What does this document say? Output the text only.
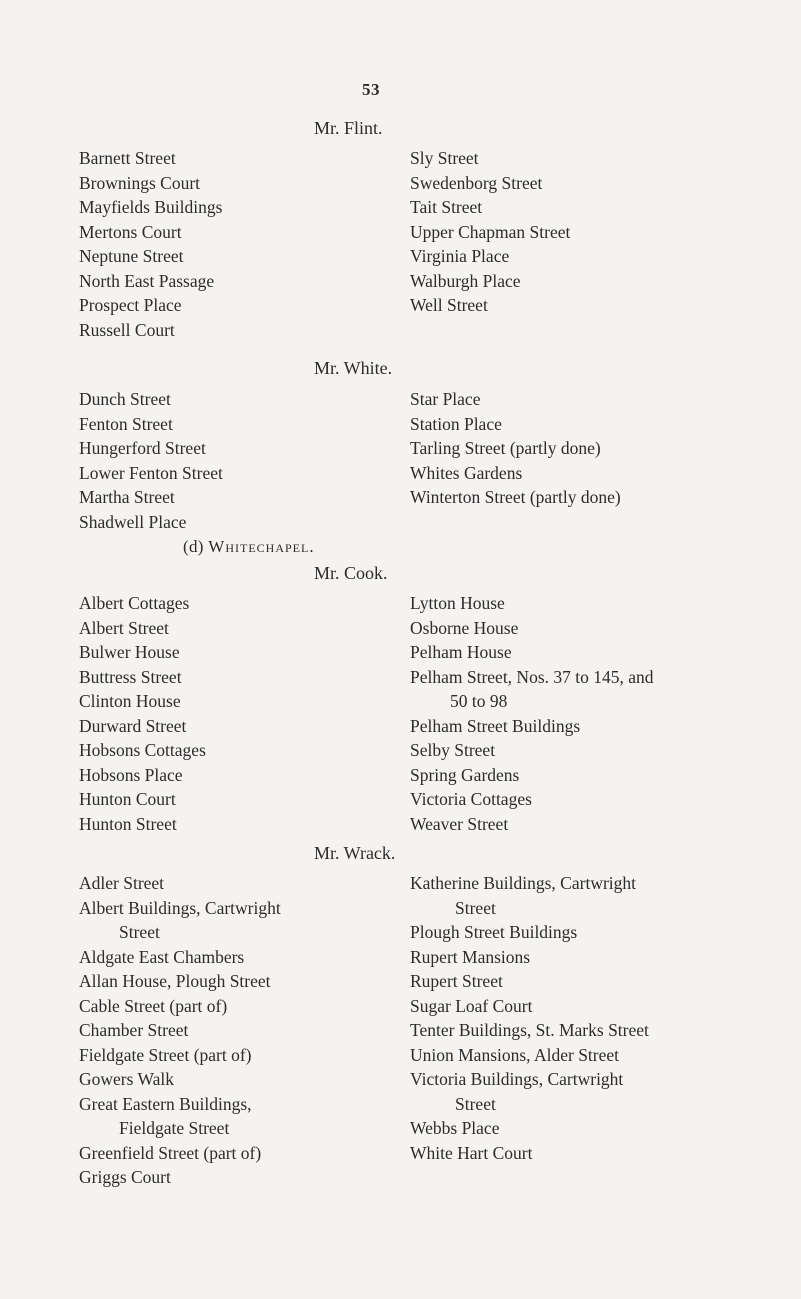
53
Mr. Flint.
Barnett Street
Brownings Court
Mayfields Buildings
Mertons Court
Neptune Street
North East Passage
Prospect Place
Russell Court
Sly Street
Swedenborg Street
Tait Street
Upper Chapman Street
Virginia Place
Walburgh Place
Well Street
Mr. White.
Dunch Street
Fenton Street
Hungerford Street
Lower Fenton Street
Martha Street
Shadwell Place
Star Place
Station Place
Tarling Street (partly done)
Whites Gardens
Winterton Street (partly done)
(d) Whitechapel.
Mr. Cook.
Albert Cottages
Albert Street
Bulwer House
Buttress Street
Clinton House
Durward Street
Hobsons Cottages
Hobsons Place
Hunton Court
Hunton Street
Lytton House
Osborne House
Pelham House
Pelham Street, Nos. 37 to 145, and
50 to 98
Pelham Street Buildings
Selby Street
Spring Gardens
Victoria Cottages
Weaver Street
Mr. Wrack.
Adler Street
Albert Buildings, Cartwright
Street
Aldgate East Chambers
Allan House, Plough Street
Cable Street (part of)
Chamber Street
Fieldgate Street (part of)
Gowers Walk
Great Eastern Buildings,
Fieldgate Street
Greenfield Street (part of)
Griggs Court
Katherine Buildings, Cartwright
Street
Plough Street Buildings
Rupert Mansions
Rupert Street
Sugar Loaf Court
Tenter Buildings, St. Marks Street
Union Mansions, Alder Street
Victoria Buildings, Cartwright
Street
Webbs Place
White Hart Court
